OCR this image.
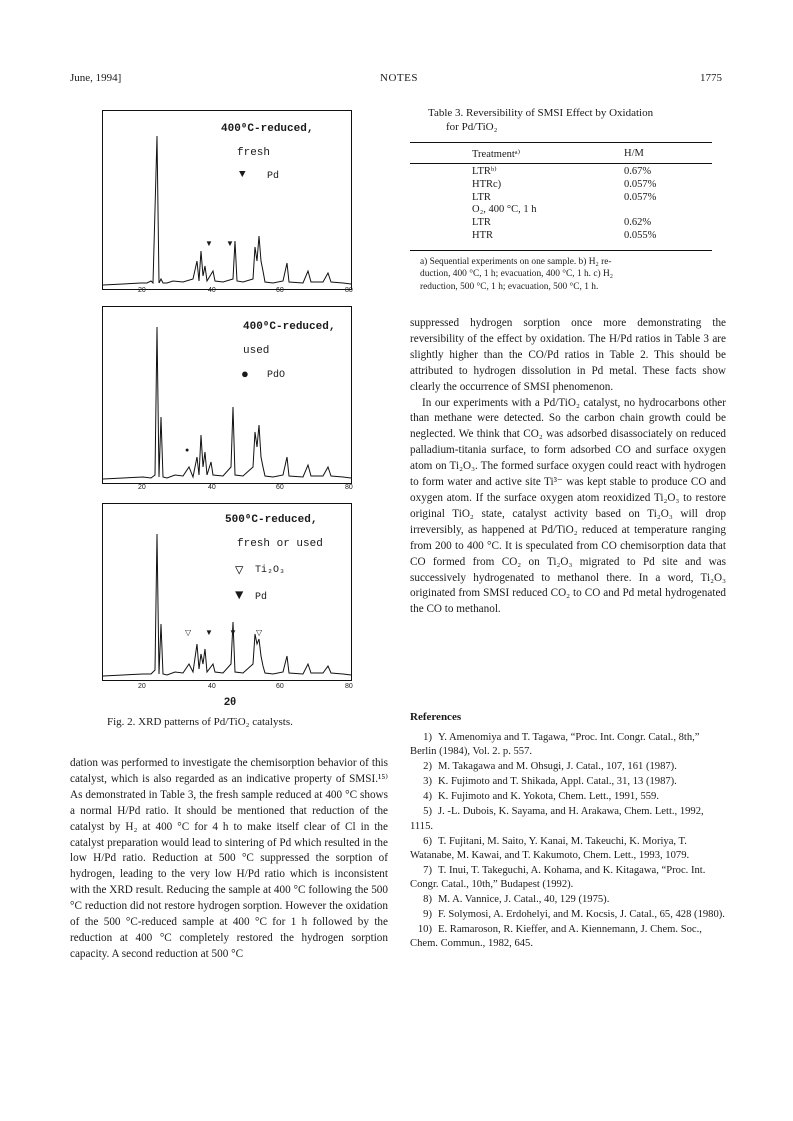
June, 1994]	NOTES	1775
400⁰C-reduced,
fresh
▼ Pd
▼ ▼
20	40	60	80
400⁰C-reduced,
used
● PdO
●
20	40	60	80
500⁰C-reduced,
fresh or used
▽ Ti₂O₃
▼ Pd
▽ ▼ ▼ ▽
20	40	60	80
2θ
Fig. 2. XRD patterns of Pd/TiO₂ catalysts.
dation was performed to investigate the chemisorption behavior of this catalyst, which is also regarded as an indicative property of SMSI.¹⁵⁾ As demonstrated in Table 3, the fresh sample reduced at 400 °C shows a normal H/Pd ratio. It should be mentioned that reduction of the catalyst by H₂ at 400 °C for 4 h to make itself clear of Cl in the catalyst preparation would lead to sintering of Pd which resulted in the low H/Pd ratio. Reduction at 500 °C suppressed the sorption of hydrogen, leading to the very low H/Pd ratio which is inconsistent with the XRD result. Reducing the sample at 400 °C following the 500 °C reduction did not restore hydrogen sorption. However the oxidation of the 500 °C-reduced sample at 400 °C for 1 h followed by the reduction at 400 °C completely restored the hydrogen sorption capacity. A second reduction at 500 °C
Table 3. Reversibility of SMSI Effect by Oxidation
for Pd/TiO₂
Treatmentᵃ⁾	H/M
LTRᵇ⁾	0.67%
HTRc)	0.057%
LTR	0.057%
O₂, 400 °C, 1 h
LTR	0.62%
HTR	0.055%
a) Sequential experiments on one sample. b) H₂ re-
duction, 400 °C, 1 h; evacuation, 400 °C, 1 h. c) H₂
reduction, 500 °C, 1 h; evacuation, 500 °C, 1 h.

suppressed hydrogen sorption once more demonstrating the reversibility of the effect by oxidation. The H/Pd ratios in Table 3 are slightly higher than the CO/Pd ratios in Table 2. This should be attributed to hydrogen dissolution in Pd metal. These facts show clearly the occurrence of SMSI phenomenon.

In our experiments with a Pd/TiO₂ catalyst, no hydrocarbons other than methane were detected. So the carbon chain growth could be neglected. We think that CO₂ was adsorbed disassociately on reduced palladium-titania surface, to form adsorbed CO and surface oxygen atom on Ti₂O₃. The formed surface oxygen could react with hydrogen to form water and active site Ti³⁻ was kept stable to produce CO and oxygen atom. If the surface oxygen atom reoxidized Ti₂O₃ to restore original TiO₂ state, catalyst activity based on Ti₂O₃ will drop irreversibly, as happened at Pd/TiO₂ reduced at temperature ranging from 200 to 400 °C. It is speculated from CO chemisorption data that CO formed from CO₂ on Ti₂O₃ migrated to Pd site and was successively hydrogenated to methanol there. In a word, Ti₂O₃ originated from SMSI reduced CO₂ to CO and Pd metal hydrogenated the CO to methanol.

References
1) Y. Amenomiya and T. Tagawa, “Proc. Int. Congr. Catal., 8th,” Berlin (1984), Vol. 2. p. 557.
2) M. Takagawa and M. Ohsugi, J. Catal., 107, 161 (1987).
3) K. Fujimoto and T. Shikada, Appl. Catal., 31, 13 (1987).
4) K. Fujimoto and K. Yokota, Chem. Lett., 1991, 559.
5) J. -L. Dubois, K. Sayama, and H. Arakawa, Chem. Lett., 1992, 1115.
6) T. Fujitani, M. Saito, Y. Kanai, M. Takeuchi, K. Moriya, T. Watanabe, M. Kawai, and T. Kakumoto, Chem. Lett., 1993, 1079.
7) T. Inui, T. Takeguchi, A. Kohama, and K. Kitagawa, “Proc. Int. Congr. Catal., 10th,” Budapest (1992).
8) M. A. Vannice, J. Catal., 40, 129 (1975).
9) F. Solymosi, A. Erdohelyi, and M. Kocsis, J. Catal., 65, 428 (1980).
10) E. Ramaroson, R. Kieffer, and A. Kiennemann, J. Chem. Soc., Chem. Commun., 1982, 645.
